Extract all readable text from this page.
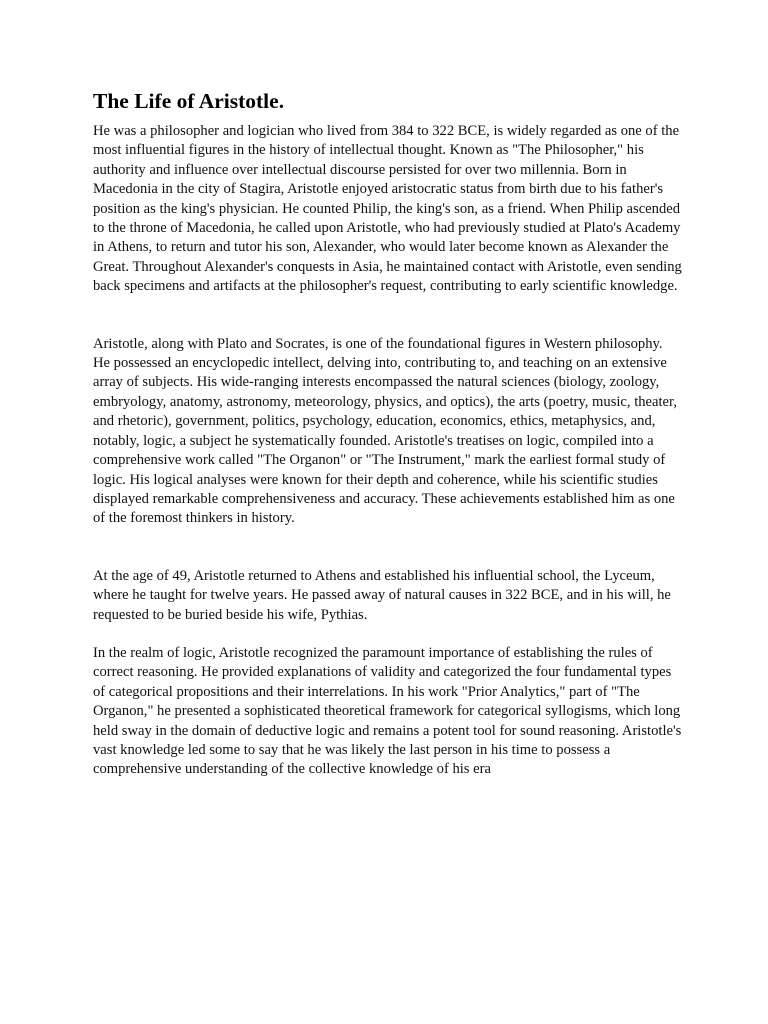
The Life of Aristotle.

He was a philosopher and logician who lived from 384 to 322 BCE, is widely regarded as one of the most influential figures in the history of intellectual thought. Known as "The Philosopher," his authority and influence over intellectual discourse persisted for over two millennia. Born in Macedonia in the city of Stagira, Aristotle enjoyed aristocratic status from birth due to his father's position as the king's physician. He counted Philip, the king's son, as a friend. When Philip ascended to the throne of Macedonia, he called upon Aristotle, who had previously studied at Plato's Academy in Athens, to return and tutor his son, Alexander, who would later become known as Alexander the Great. Throughout Alexander's conquests in Asia, he maintained contact with Aristotle, even sending back specimens and artifacts at the philosopher's request, contributing to early scientific knowledge.

Aristotle, along with Plato and Socrates, is one of the foundational figures in Western philosophy. He possessed an encyclopedic intellect, delving into, contributing to, and teaching on an extensive array of subjects. His wide-ranging interests encompassed the natural sciences (biology, zoology, embryology, anatomy, astronomy, meteorology, physics, and optics), the arts (poetry, music, theater, and rhetoric), government, politics, psychology, education, economics, ethics, metaphysics, and, notably, logic, a subject he systematically founded. Aristotle's treatises on logic, compiled into a comprehensive work called "The Organon" or "The Instrument," mark the earliest formal study of logic. His logical analyses were known for their depth and coherence, while his scientific studies displayed remarkable comprehensiveness and accuracy. These achievements established him as one of the foremost thinkers in history.

At the age of 49, Aristotle returned to Athens and established his influential school, the Lyceum, where he taught for twelve years. He passed away of natural causes in 322 BCE, and in his will, he requested to be buried beside his wife, Pythias.

In the realm of logic, Aristotle recognized the paramount importance of establishing the rules of correct reasoning. He provided explanations of validity and categorized the four fundamental types of categorical propositions and their interrelations. In his work "Prior Analytics," part of "The Organon," he presented a sophisticated theoretical framework for categorical syllogisms, which long held sway in the domain of deductive logic and remains a potent tool for sound reasoning. Aristotle's vast knowledge led some to say that he was likely the last person in his time to possess a comprehensive understanding of the collective knowledge of his era
